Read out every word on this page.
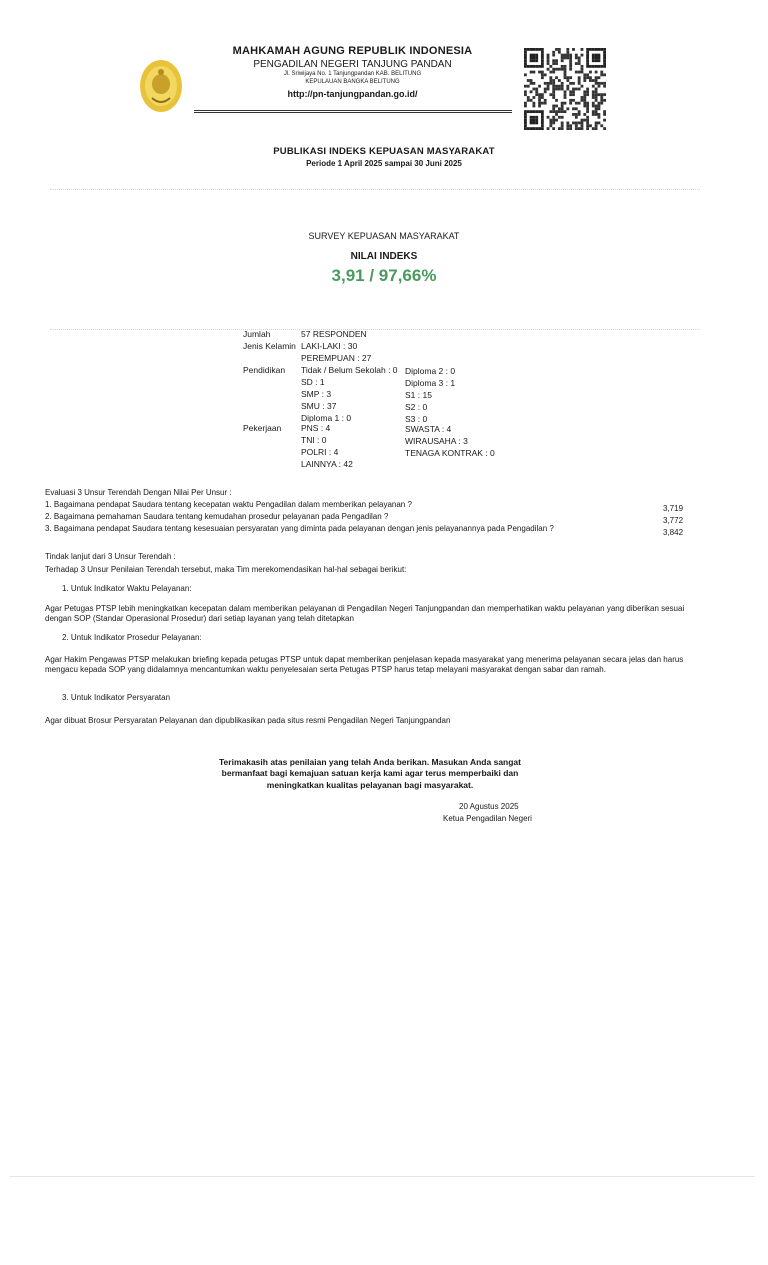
MAHKAMAH AGUNG REPUBLIK INDONESIA
PENGADILAN NEGERI TANJUNG PANDAN
Jl. Sriwijaya No. 1 Tanjungpandan KAB. BELITUNG
KEPULAUAN BANGKA BELITUNG
http://pn-tanjungpandan.go.id/
PUBLIKASI INDEKS KEPUASAN MASYARAKAT
Periode 1 April 2025 sampai 30 Juni 2025
SURVEY KEPUASAN MASYARAKAT
NILAI INDEKS
3,91 / 97,66%
Jumlah	57 RESPONDEN
Jenis Kelamin LAKI-LAKI : 30
PEREMPUAN : 27
Pendidikan Tidak / Belum Sekolah : 0
SD : 1
SMP : 3
SMU : 37
Diploma 1 : 0
Diploma 2 : 0
Diploma 3 : 1
S1 : 15
S2 : 0
S3 : 0
Pekerjaan PNS : 4
TNI : 0
POLRI : 4
LAINNYA : 42
SWASTA : 4
WIRAUSAHA : 3
TENAGA KONTRAK : 0
Evaluasi 3 Unsur Terendah Dengan Nilai Per Unsur :
1. Bagaimana pendapat Saudara tentang kecepatan waktu Pengadilan dalam memberikan pelayanan ?
2. Bagaimana pemahaman Saudara tentang kemudahan prosedur pelayanan pada Pengadilan ?
3. Bagaimana pendapat Saudara tentang kesesuaian persyaratan yang diminta pada pelayanan dengan jenis pelayanannya pada Pengadilan ?
3,719
3,772
3,842
Tindak lanjut dari 3 Unsur Terendah :
Terhadap 3 Unsur Penilaian Terendah tersebut, maka Tim merekomendasikan hal-hal sebagai berikut:
1. Untuk Indikator Waktu Pelayanan:
Agar Petugas PTSP lebih meningkatkan kecepatan dalam memberikan pelayanan di Pengadilan Negeri Tanjungpandan dan memperhatikan waktu pelayanan yang diberikan sesuai dengan SOP (Standar Operasional Prosedur) dari setiap layanan yang telah ditetapkan
2. Untuk Indikator Prosedur Pelayanan:
Agar Hakim Pengawas PTSP melakukan briefing kepada petugas PTSP untuk dapat memberikan penjelasan kepada masyarakat yang menerima pelayanan secara jelas dan harus mengacu kepada SOP yang didalamnya mencantumkan waktu penyelesaian serta Petugas PTSP harus tetap melayani masyarakat dengan sabar dan ramah.
3. Untuk Indikator Persyaratan
Agar dibuat Brosur Persyaratan Pelayanan dan dipublikasikan pada situs resmi Pengadilan Negeri Tanjungpandan
Terimakasih atas penilaian yang telah Anda berikan. Masukan Anda sangat bermanfaat bagi kemajuan satuan kerja kami agar terus memperbaiki dan meningkatkan kualitas pelayanan bagi masyarakat.
20 Agustus 2025
Ketua Pengadilan Negeri
